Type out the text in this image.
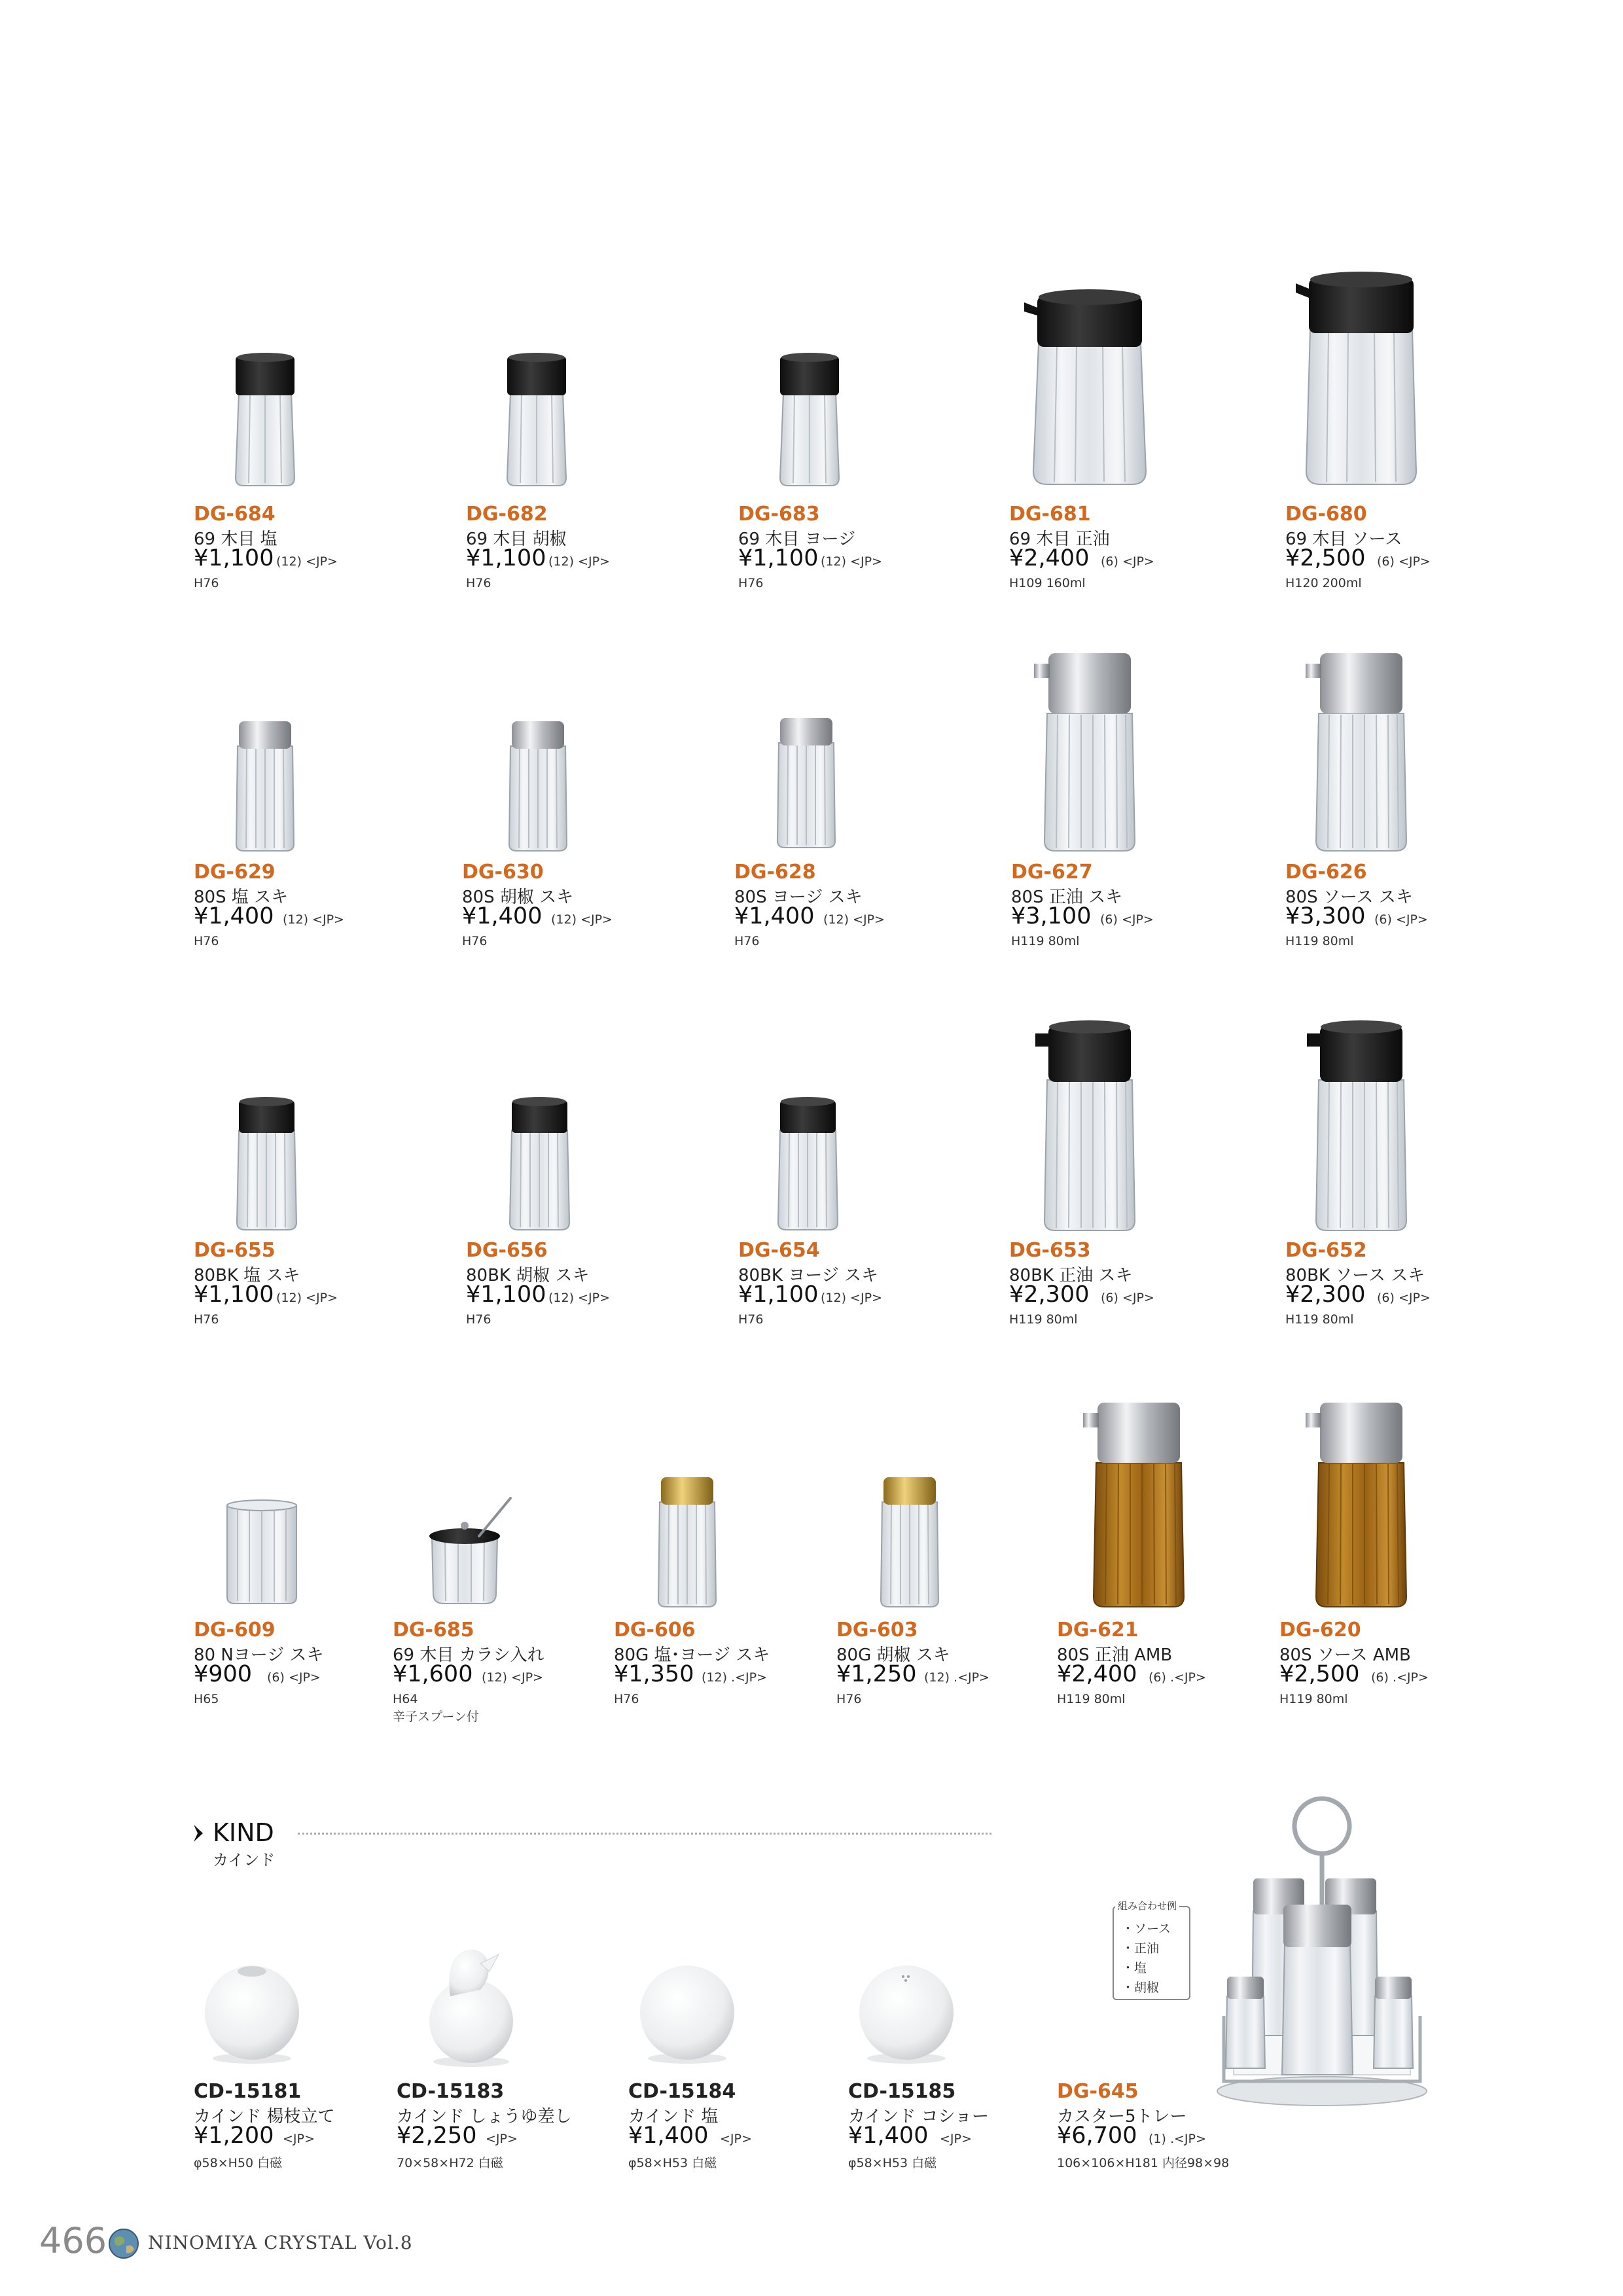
DG-684
69 木目 塩
¥1,100 (12) <JP>
H76
DG-682
69 木目 胡椒
¥1,100 (12) <JP>
H76
DG-683
69 木目 ヨージ
¥1,100 (12) <JP>
H76
DG-681
69 木目 正油
¥2,400 (6) <JP>
H109 160ml
DG-680
69 木目 ソース
¥2,500 (6) <JP>
H120 200ml
DG-629
80S 塩 スキ
¥1,400 (12) <JP>
H76
DG-630
80S 胡椒 スキ
¥1,400 (12) <JP>
H76
DG-628
80S ヨージ スキ
¥1,400 (12) <JP>
H76
DG-627
80S 正油 スキ
¥3,100 (6) <JP>
H119 80ml
DG-626
80S ソース スキ
¥3,300 (6) <JP>
H119 80ml
DG-655
80BK 塩 スキ
¥1,100 (12) <JP>
H76
DG-656
80BK 胡椒 スキ
¥1,100 (12) <JP>
H76
DG-654
80BK ヨージ スキ
¥1,100 (12) <JP>
H76
DG-653
80BK 正油 スキ
¥2,300 (6) <JP>
H119 80ml
DG-652
80BK ソース スキ
¥2,300 (6) <JP>
H119 80ml
DG-609
80 Nヨージ スキ
¥900 (6) <JP>
H65
DG-685
69 木目 カラシ入れ
¥1,600 (12) <JP>
H64
辛子スプーン付
DG-606
80G 塩･ヨージ スキ
¥1,350 (12) .<JP>
H76
DG-603
80G 胡椒 スキ
¥1,250 (12) .<JP>
H76
DG-621
80S 正油 AMB
¥2,400 (6) .<JP>
H119 80ml
DG-620
80S ソース AMB
¥2,500 (6) .<JP>
H119 80ml
KIND
カインド
CD-15181
カインド 楊枝立て
¥1,200 <JP>
φ58×H50 白磁
CD-15183
カインド しょうゆ差し
¥2,250 <JP>
70×58×H72 白磁
CD-15184
カインド 塩
¥1,400 <JP>
φ58×H53 白磁
CD-15185
カインド コショー
¥1,400 <JP>
φ58×H53 白磁
・ソース
・正油
・塩
・胡椒
組み合わせ例
DG-645
カスター5トレー
¥6,700 (1) .<JP>
106×106×H181 内径98×98
466 NINOMIYA CRYSTAL Vol.8
